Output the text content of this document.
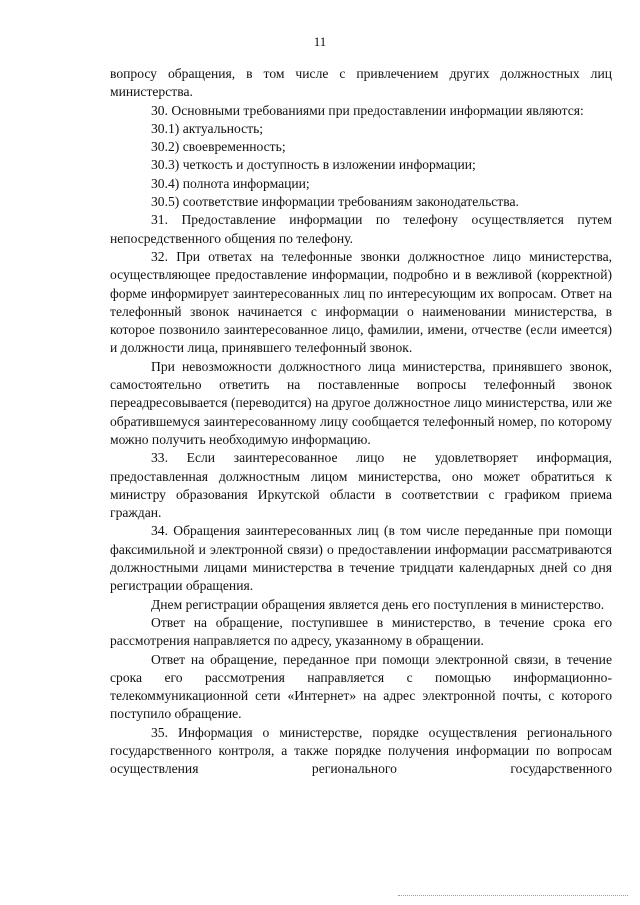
11

вопросу обращения, в том числе с привлечением других должностных лиц министерства.

30. Основными требованиями при предоставлении информации являются:

30.1) актуальность;

30.2) своевременность;

30.3) четкость и доступность в изложении информации;

30.4) полнота информации;

30.5) соответствие информации требованиям законодательства.

31. Предоставление информации по телефону осуществляется путем непосредственного общения по телефону.

32. При ответах на телефонные звонки должностное лицо министерства, осуществляющее предоставление информации, подробно и в вежливой (корректной) форме информирует заинтересованных лиц по интересующим их вопросам. Ответ на телефонный звонок начинается с информации о наименовании министерства, в которое позвонило заинтересованное лицо, фамилии, имени, отчестве (если имеется) и должности лица, принявшего телефонный звонок.

При невозможности должностного лица министерства, принявшего звонок, самостоятельно ответить на поставленные вопросы телефонный звонок переадресовывается (переводится) на другое должностное лицо министерства, или же обратившемуся заинтересованному лицу сообщается телефонный номер, по которому можно получить необходимую информацию.

33. Если заинтересованное лицо не удовлетворяет информация, предоставленная должностным лицом министерства, оно может обратиться к министру образования Иркутской области в соответствии с графиком приема граждан.

34. Обращения заинтересованных лиц (в том числе переданные при помощи факсимильной и электронной связи) о предоставлении информации рассматриваются должностными лицами министерства в течение тридцати календарных дней со дня регистрации обращения.

Днем регистрации обращения является день его поступления в министерство.

Ответ на обращение, поступившее в министерство, в течение срока его рассмотрения направляется по адресу, указанному в обращении.

Ответ на обращение, переданное при помощи электронной связи, в течение срока его рассмотрения направляется с помощью информационно-телекоммуникационной сети «Интернет» на адрес электронной почты, с которого поступило обращение.

35. Информация о министерстве, порядке осуществления регионального государственного контроля, а также порядке получения информации по вопросам осуществления регионального государственного
